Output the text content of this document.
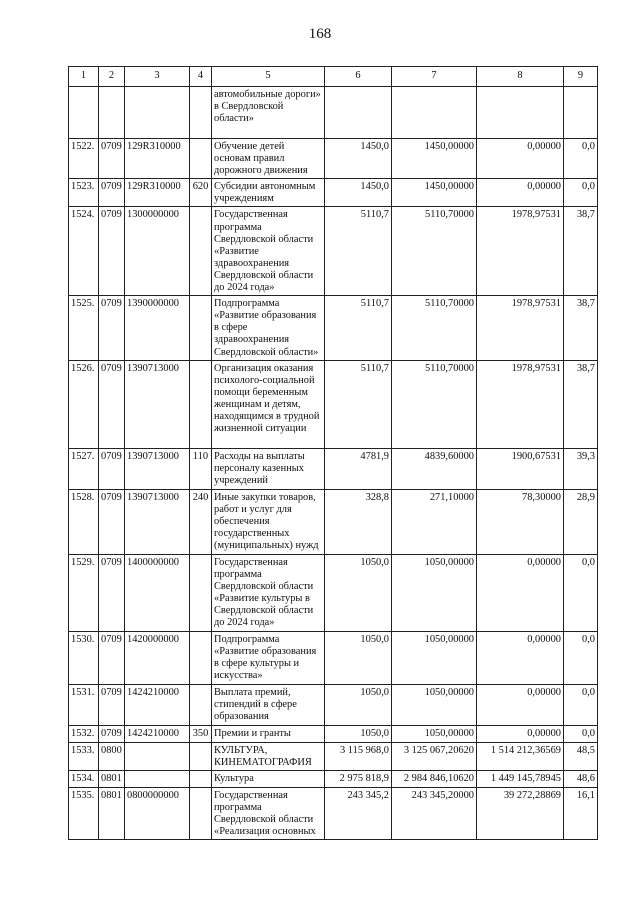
168
1	2	3	4	5	6	7	8	9
				автомобильные дороги» в Свердловской области»				
1522.	0709	129R310000		Обучение детей основам правил дорожного движения	1450,0	1450,00000	0,00000	0,0
1523.	0709	129R310000	620	Субсидии автономным учреждениям	1450,0	1450,00000	0,00000	0,0
1524.	0709	1300000000		Государственная программа Свердловской области «Развитие здравоохранения Свердловской области до 2024 года»	5110,7	5110,70000	1978,97531	38,7
1525.	0709	1390000000		Подпрограмма «Развитие образования в сфере здравоохранения Свердловской области»	5110,7	5110,70000	1978,97531	38,7
1526.	0709	1390713000		Организация оказания психолого-социальной помощи беременным женщинам и детям, находящимся в трудной жизненной ситуации	5110,7	5110,70000	1978,97531	38,7
1527.	0709	1390713000	110	Расходы на выплаты персоналу казенных учреждений	4781,9	4839,60000	1900,67531	39,3
1528.	0709	1390713000	240	Иные закупки товаров, работ и услуг для обеспечения государственных (муниципальных) нужд	328,8	271,10000	78,30000	28,9
1529.	0709	1400000000		Государственная программа Свердловской области «Развитие культуры в Свердловской области до 2024 года»	1050,0	1050,00000	0,00000	0,0
1530.	0709	1420000000		Подпрограмма «Развитие образования в сфере культуры и искусства»	1050,0	1050,00000	0,00000	0,0
1531.	0709	1424210000		Выплата премий, стипендий в сфере образования	1050,0	1050,00000	0,00000	0,0
1532.	0709	1424210000	350	Премии и гранты	1050,0	1050,00000	0,00000	0,0
1533.	0800			КУЛЬТУРА, КИНЕМАТОГРАФИЯ	3 115 968,0	3 125 067,20620	1 514 212,36569	48,5
1534.	0801			Культура	2 975 818,9	2 984 846,10620	1 449 145,78945	48,6
1535.	0801	0800000000		Государственная программа Свердловской области «Реализация основных	243 345,2	243 345,20000	39 272,28869	16,1
